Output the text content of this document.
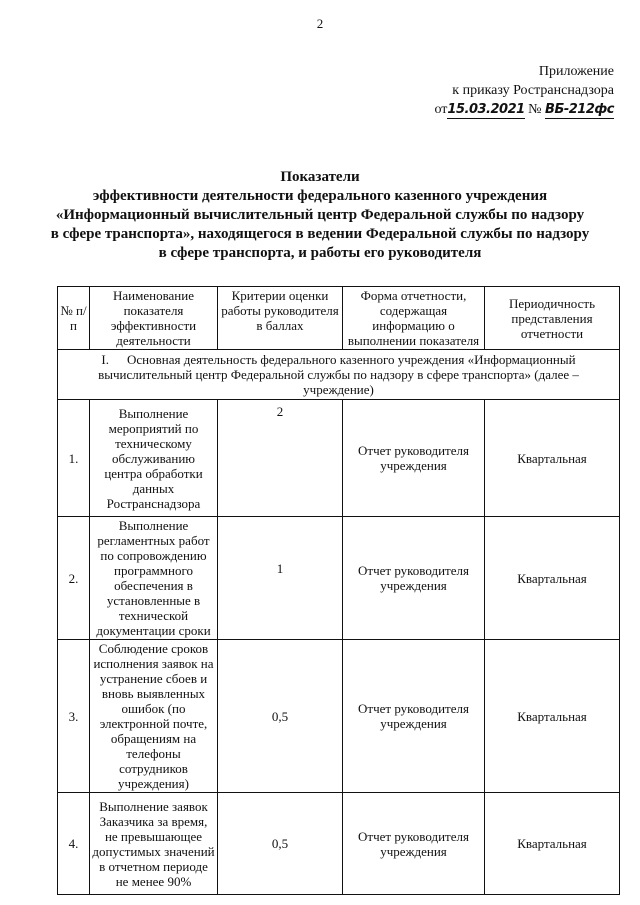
2
Приложение
к приказу Ространснадзора
от15.03.2021 № ВБ-212фс
Показатели
эффективности деятельности федерального казенного учреждения
«Информационный вычислительный центр Федеральной службы по надзору
в сфере транспорта», находящегося в ведении Федеральной службы по надзору
в сфере транспорта, и работы его руководителя
№ п/п	Наименование показателя эффективности деятельности	Критерии оценки работы руководителя в баллах	Форма отчетности, содержащая информацию о выполнении показателя	Периодичность представления отчетности
I. Основная деятельность федерального казенного учреждения «Информационный вычислительный центр Федеральной службы по надзору в сфере транспорта» (далее – учреждение)				
1.	Выполнение мероприятий по техническому обслуживанию центра обработки данных Ространснадзора	2	Отчет руководителя учреждения	Квартальная
2.	Выполнение регламентных работ по сопровождению программного обеспечения в установленные в технической документации сроки	1	Отчет руководителя учреждения	Квартальная
3.	Соблюдение сроков исполнения заявок на устранение сбоев и вновь выявленных ошибок (по электронной почте, обращениям на телефоны сотрудников учреждения)	0,5	Отчет руководителя учреждения	Квартальная
4.	Выполнение заявок Заказчика за время, не превышающее допустимых значений в отчетном периоде не менее 90%	0,5	Отчет руководителя учреждения	Квартальная
